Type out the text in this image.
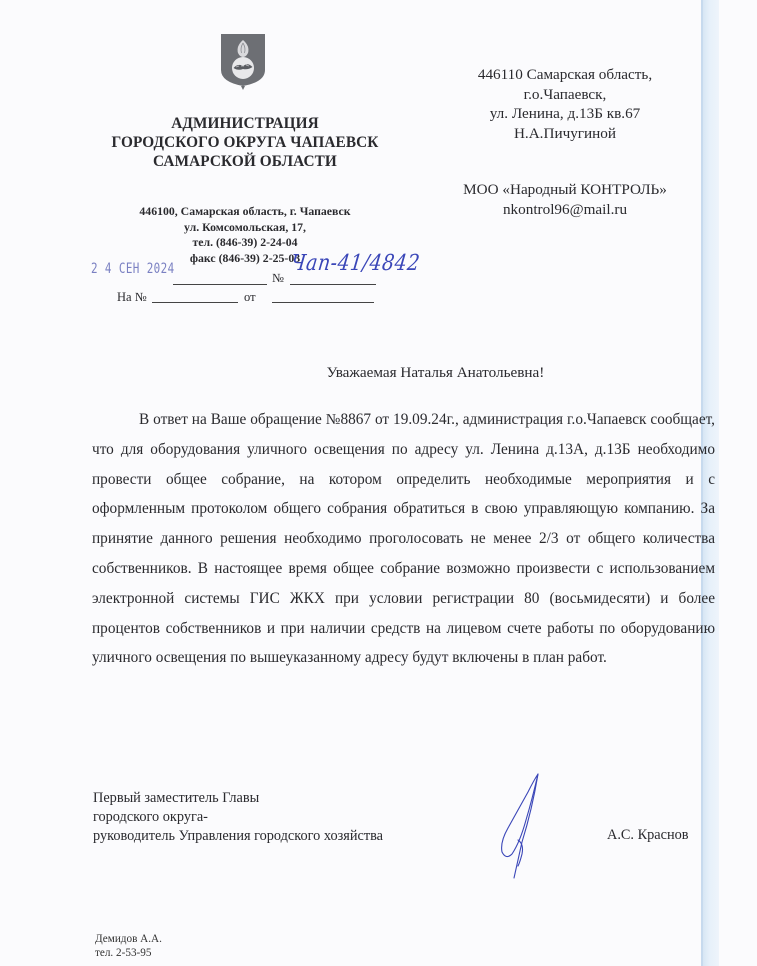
АДМИНИСТРАЦИЯ
ГОРОДСКОГО ОКРУГА ЧАПАЕВСК
САМАРСКОЙ ОБЛАСТИ
446100, Самарская область, г. Чапаевск
ул. Комсомольская, 17,
тел. (846-39) 2-24-04
факс (846-39) 2-25-03
446110 Самарская область,
г.о.Чапаевск,
ул. Ленина, д.13Б кв.67
Н.А.Пичугиной
МОО «Народный КОНТРОЛЬ»
nkontrol96@mail.ru
2 4 СЕН 2024
№
На №	от
Чап-41/4842
Уважаемая Наталья Анатольевна!
В ответ на Ваше обращение №8867 от 19.09.24г., администрация г.о.Чапаевск сообщает, что для оборудования уличного освещения по адресу ул. Ленина д.13А, д.13Б необходимо провести общее собрание, на котором определить необходимые мероприятия и с оформленным протоколом общего собрания обратиться в свою управляющую компанию. За принятие данного решения необходимо проголосовать не менее 2/3 от общего количества собственников. В настоящее время общее собрание возможно произвести с использованием электронной системы ГИС ЖКХ при условии регистрации 80 (восьмидесяти) и более процентов собственников и при наличии средств на лицевом счете работы по оборудованию уличного освещения по вышеуказанному адресу будут включены в план работ.
Первый заместитель Главы
городского округа-
руководитель Управления городского хозяйства	А.С. Краснов
Демидов А.А.
тел. 2-53-95
